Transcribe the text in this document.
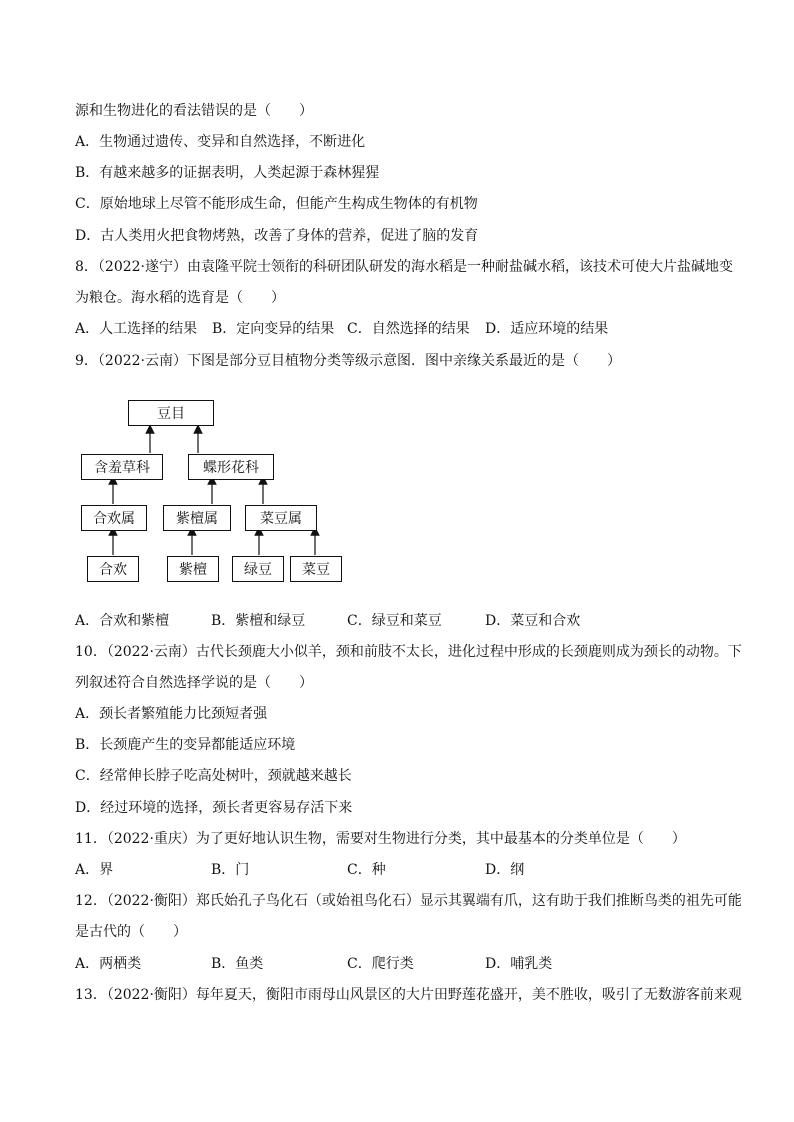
源和生物进化的看法错误的是（　　）
A．生物通过遗传、变异和自然选择，不断进化
B．有越来越多的证据表明，人类起源于森林猩猩
C．原始地球上尽管不能形成生命，但能产生构成生物体的有机物
D．古人类用火把食物烤熟，改善了身体的营养，促进了脑的发育
8．（2022·遂宁）由袁隆平院士领衔的科研团队研发的海水稻是一种耐盐碱水稻，该技术可使大片盐碱地变
为粮仓。海水稻的选育是（　　）
A．人工选择的结果 B．定向变异的结果 C．自然选择的结果 D．适应环境的结果
9．（2022·云南）下图是部分豆目植物分类等级示意图．图中亲缘关系最近的是（　　）
豆目
含羞草科	蝶形花科
合欢属	紫檀属	菜豆属
合欢	紫檀	绿豆	菜豆
A．合欢和紫檀	B．紫檀和绿豆	C．绿豆和菜豆	D．菜豆和合欢
10．（2022·云南）古代长颈鹿大小似羊，颈和前肢不太长，进化过程中形成的长颈鹿则成为颈长的动物。下
列叙述符合自然选择学说的是（　　）
A．颈长者繁殖能力比颈短者强
B．长颈鹿产生的变异都能适应环境
C．经常伸长脖子吃高处树叶，颈就越来越长
D．经过环境的选择，颈长者更容易存活下来
11．（2022·重庆）为了更好地认识生物，需要对生物进行分类，其中最基本的分类单位是（　　）
A．界	B．门	C．种	D．纲
12．（2022·衡阳）郑氏始孔子鸟化石（或始祖鸟化石）显示其翼端有爪，这有助于我们推断鸟类的祖先可能
是古代的（　　）
A．两栖类	B．鱼类	C．爬行类	D．哺乳类
13．（2022·衡阳）每年夏天，衡阳市雨母山风景区的大片田野莲花盛开，美不胜收，吸引了无数游客前来观
